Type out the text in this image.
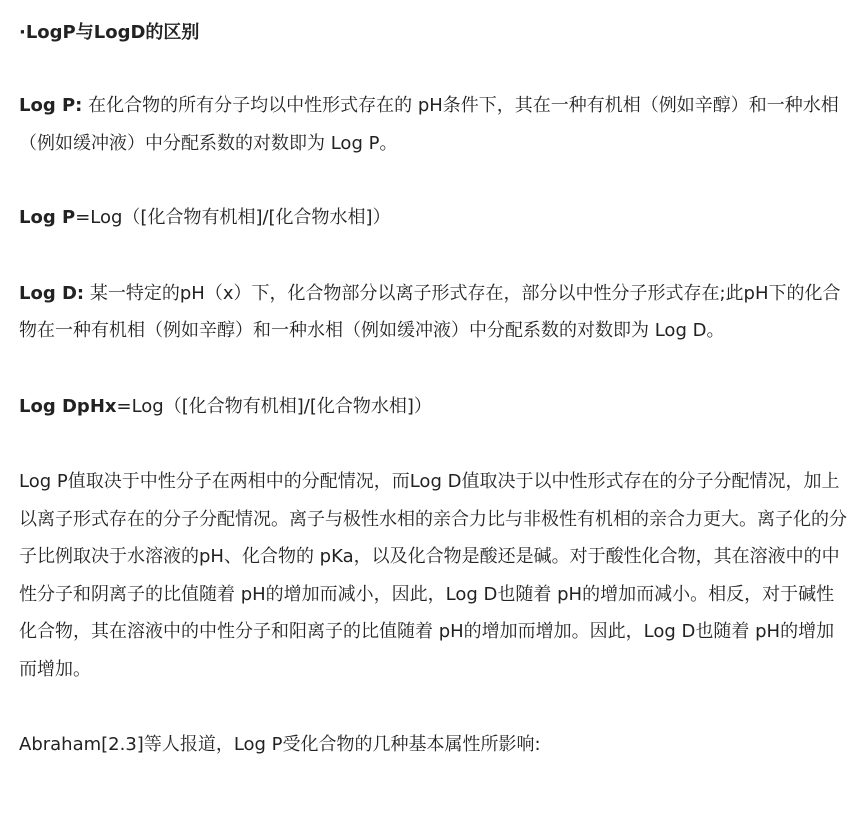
·LogP与LogD的区别

Log P: 在化合物的所有分子均以中性形式存在的 pH条件下，其在一种有机相（例如辛醇）和一种水相（例如缓冲液）中分配系数的对数即为 Log P。

Log P=Log（[化合物有机相]/[化合物水相]）

Log D: 某一特定的pH（x）下，化合物部分以离子形式存在，部分以中性分子形式存在;此pH下的化合物在一种有机相（例如辛醇）和一种水相（例如缓冲液）中分配系数的对数即为 Log D。

Log DpHx=Log（[化合物有机相]/[化合物水相]）

Log P值取决于中性分子在两相中的分配情况，而Log D值取决于以中性形式存在的分子分配情况，加上以离子形式存在的分子分配情况。离子与极性水相的亲合力比与非极性有机相的亲合力更大。离子化的分子比例取决于水溶液的pH、化合物的 pKa，以及化合物是酸还是碱。对于酸性化合物，其在溶液中的中性分子和阴离子的比值随着 pH的增加而减小，因此，Log D也随着 pH的增加而减小。相反，对于碱性化合物，其在溶液中的中性分子和阳离子的比值随着 pH的增加而增加。因此，Log D也随着 pH的增加而增加。

Abraham[2.3]等人报道，Log P受化合物的几种基本属性所影响:
